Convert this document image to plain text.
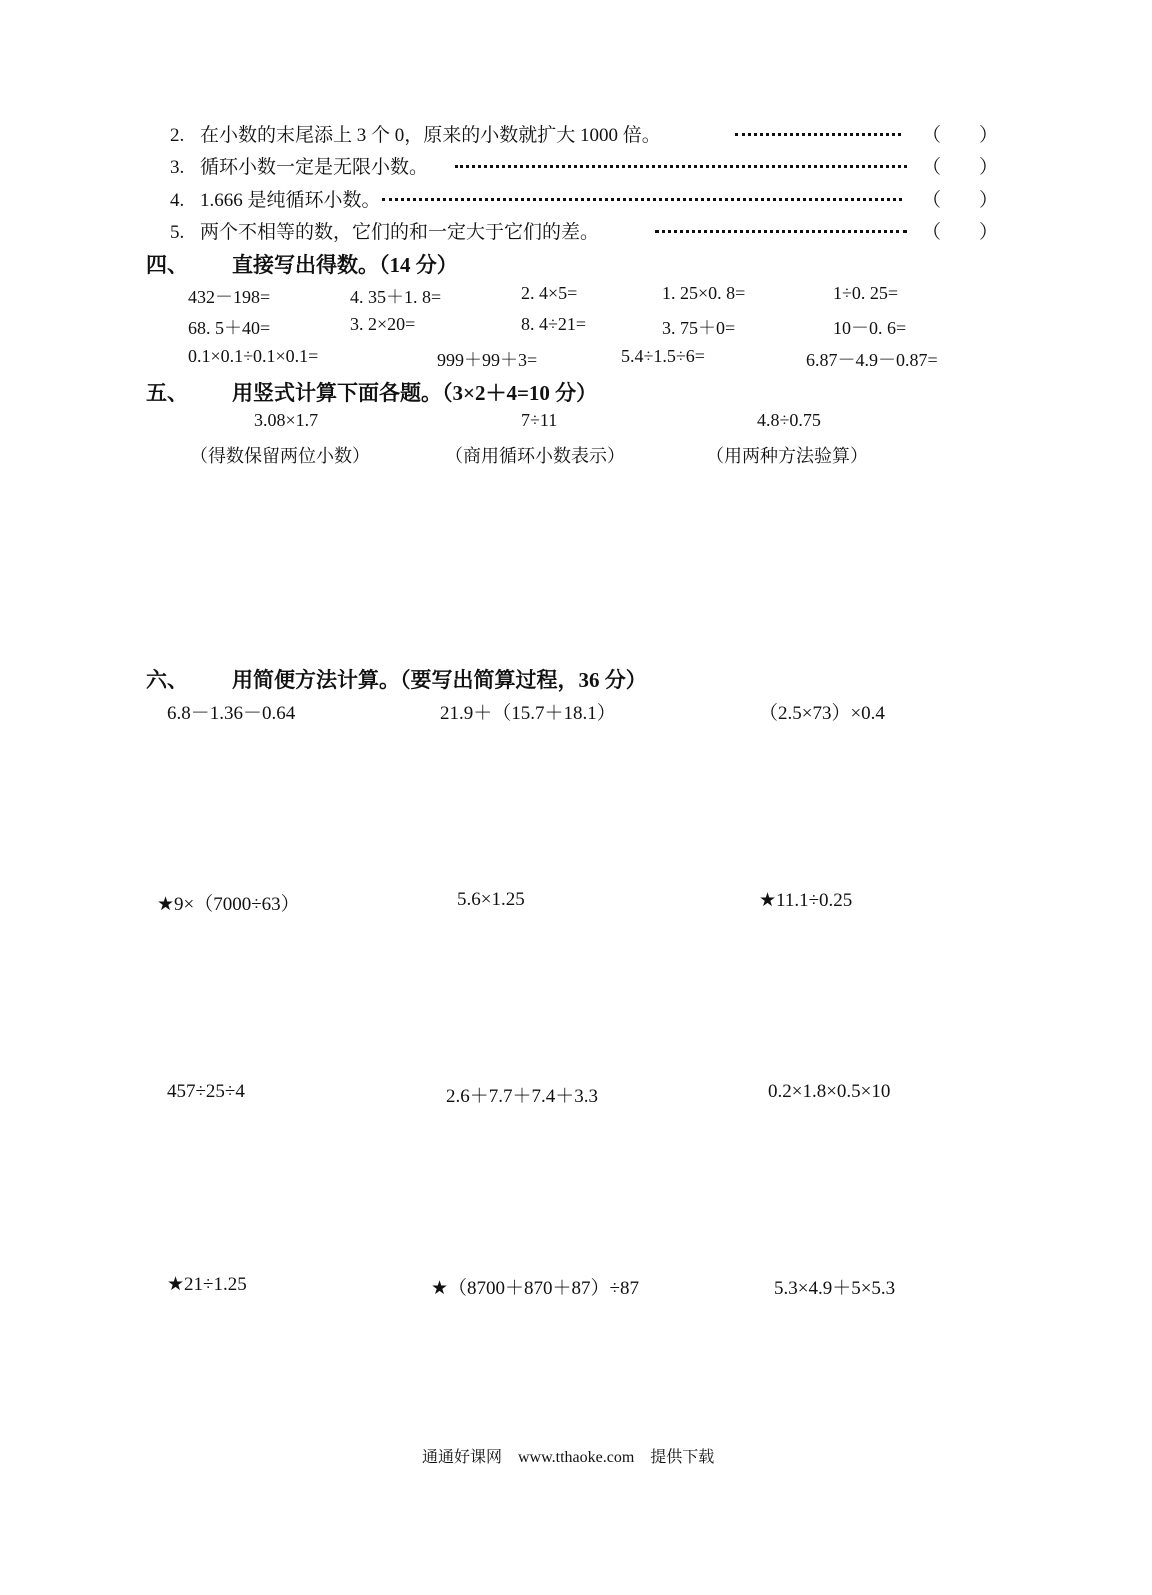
2. 在小数的末尾添上 3 个 0，原来的小数就扩大 1000 倍。	（　　）
3. 循环小数一定是无限小数。	（　　）
4. 1.666 是纯循环小数。	（　　）
5. 两个不相等的数，它们的和一定大于它们的差。	（　　）
四、 直接写出得数。（14 分）
432－198=	4. 35＋1. 8=	2. 4×5=	1. 25×0. 8=	1÷0. 25=
68. 5＋40=	3. 2×20=	8. 4÷21=	3. 75＋0=	10－0. 6=
0.1×0.1÷0.1×0.1=	999＋99＋3=	5.4÷1.5÷6=	6.87－4.9－0.87=
五、 用竖式计算下面各题。（3×2＋4=10 分）
3.08×1.7	7÷11	4.8÷0.75
（得数保留两位小数）	（商用循环小数表示）	（用两种方法验算）
六、 用简便方法计算。（要写出简算过程，36 分）
6.8－1.36－0.64	21.9＋（15.7＋18.1）	（2.5×73）×0.4
★9×（7000÷63）	5.6×1.25	★11.1÷0.25
457÷25÷4	2.6＋7.7＋7.4＋3.3	0.2×1.8×0.5×10
★21÷1.25	★（8700＋870＋87）÷87	5.3×4.9＋5×5.3
通通好课网　www.tthaoke.com　提供下载
